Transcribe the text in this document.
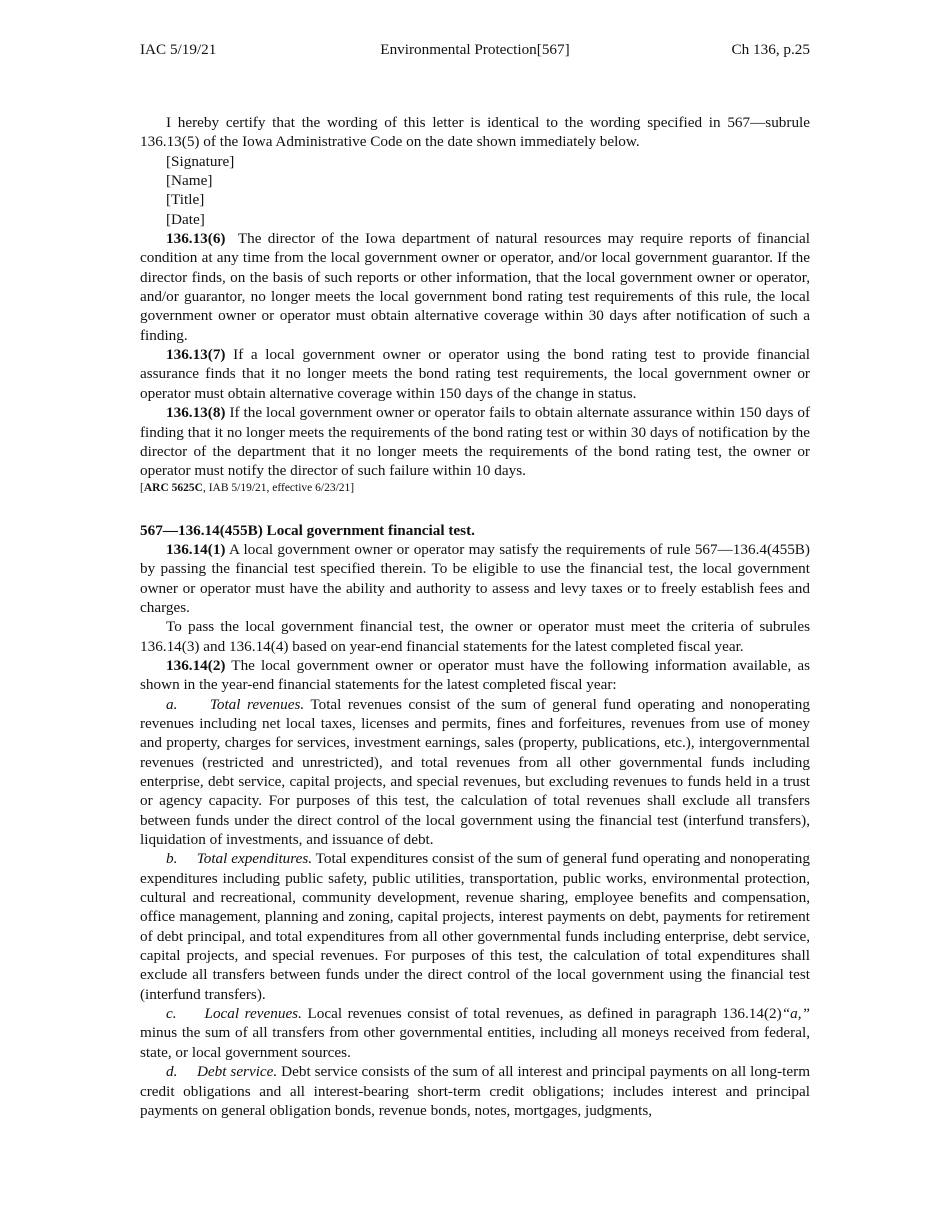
IAC 5/19/21	Environmental Protection[567]	Ch 136, p.25

I hereby certify that the wording of this letter is identical to the wording specified in 567—subrule 136.13(5) of the Iowa Administrative Code on the date shown immediately below.

[Signature]

[Name]

[Title]

[Date]

136.13(6) The director of the Iowa department of natural resources may require reports of financial condition at any time from the local government owner or operator, and/or local government guarantor. If the director finds, on the basis of such reports or other information, that the local government owner or operator, and/or guarantor, no longer meets the local government bond rating test requirements of this rule, the local government owner or operator must obtain alternative coverage within 30 days after notification of such a finding.

136.13(7) If a local government owner or operator using the bond rating test to provide financial assurance finds that it no longer meets the bond rating test requirements, the local government owner or operator must obtain alternative coverage within 150 days of the change in status.

136.13(8) If the local government owner or operator fails to obtain alternate assurance within 150 days of finding that it no longer meets the requirements of the bond rating test or within 30 days of notification by the director of the department that it no longer meets the requirements of the bond rating test, the owner or operator must notify the director of such failure within 10 days.

[ARC 5625C, IAB 5/19/21, effective 6/23/21]
567—136.14(455B) Local government financial test.

136.14(1) A local government owner or operator may satisfy the requirements of rule 567—136.4(455B) by passing the financial test specified therein. To be eligible to use the financial test, the local government owner or operator must have the ability and authority to assess and levy taxes or to freely establish fees and charges.

To pass the local government financial test, the owner or operator must meet the criteria of subrules 136.14(3) and 136.14(4) based on year-end financial statements for the latest completed fiscal year.

136.14(2) The local government owner or operator must have the following information available, as shown in the year-end financial statements for the latest completed fiscal year:

a. Total revenues. Total revenues consist of the sum of general fund operating and nonoperating revenues including net local taxes, licenses and permits, fines and forfeitures, revenues from use of money and property, charges for services, investment earnings, sales (property, publications, etc.), intergovernmental revenues (restricted and unrestricted), and total revenues from all other governmental funds including enterprise, debt service, capital projects, and special revenues, but excluding revenues to funds held in a trust or agency capacity. For purposes of this test, the calculation of total revenues shall exclude all transfers between funds under the direct control of the local government using the financial test (interfund transfers), liquidation of investments, and issuance of debt.

b. Total expenditures. Total expenditures consist of the sum of general fund operating and nonoperating expenditures including public safety, public utilities, transportation, public works, environmental protection, cultural and recreational, community development, revenue sharing, employee benefits and compensation, office management, planning and zoning, capital projects, interest payments on debt, payments for retirement of debt principal, and total expenditures from all other governmental funds including enterprise, debt service, capital projects, and special revenues. For purposes of this test, the calculation of total expenditures shall exclude all transfers between funds under the direct control of the local government using the financial test (interfund transfers).

c. Local revenues. Local revenues consist of total revenues, as defined in paragraph 136.14(2)“a,” minus the sum of all transfers from other governmental entities, including all moneys received from federal, state, or local government sources.

d. Debt service. Debt service consists of the sum of all interest and principal payments on all long-term credit obligations and all interest-bearing short-term credit obligations; includes interest and principal payments on general obligation bonds, revenue bonds, notes, mortgages, judgments,
